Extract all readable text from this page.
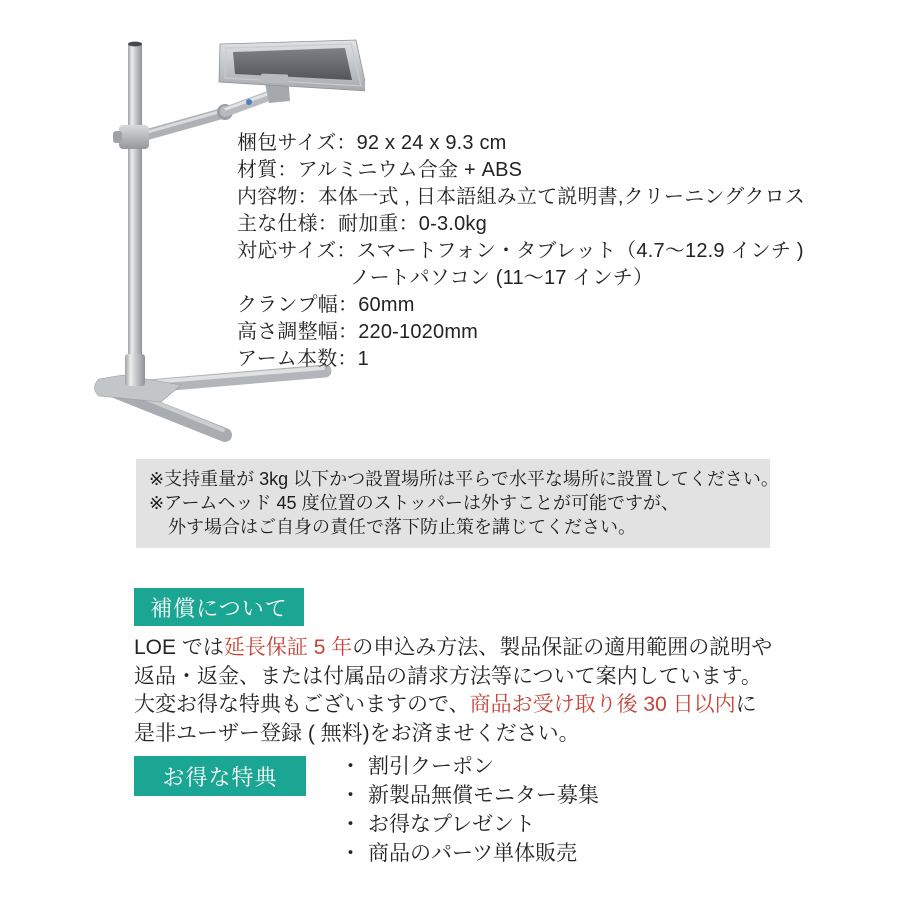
梱包サイズ：92 x 24 x 9.3 cm
材質：アルミニウム合金 + ABS
内容物：本体一式 , 日本語組み立て説明書,クリーニングクロス
主な仕様：耐加重：0-3.0kg
対応サイズ：スマートフォン・タブレット（4.7〜12.9 インチ )
ノートパソコン (11〜17 インチ）
クランプ幅：60mm
高さ調整幅：220-1020mm
アーム本数：1
※支持重量が 3kg 以下かつ設置場所は平らで水平な場所に設置してください。
※アームヘッド 45 度位置のストッパーは外すことが可能ですが、
外す場合はご自身の責任で落下防止策を講じてください。
補償について
LOE では延長保証 5 年の申込み方法、製品保証の適用範囲の説明や
返品・返金、または付属品の請求方法等について案内しています。
大変お得な特典もございますので、商品お受け取り後 30 日以内に
是非ユーザー登録 ( 無料)をお済ませください。
お得な特典	・ 割引クーポン
・ 新製品無償モニター募集
・ お得なプレゼント
・ 商品のパーツ単体販売
